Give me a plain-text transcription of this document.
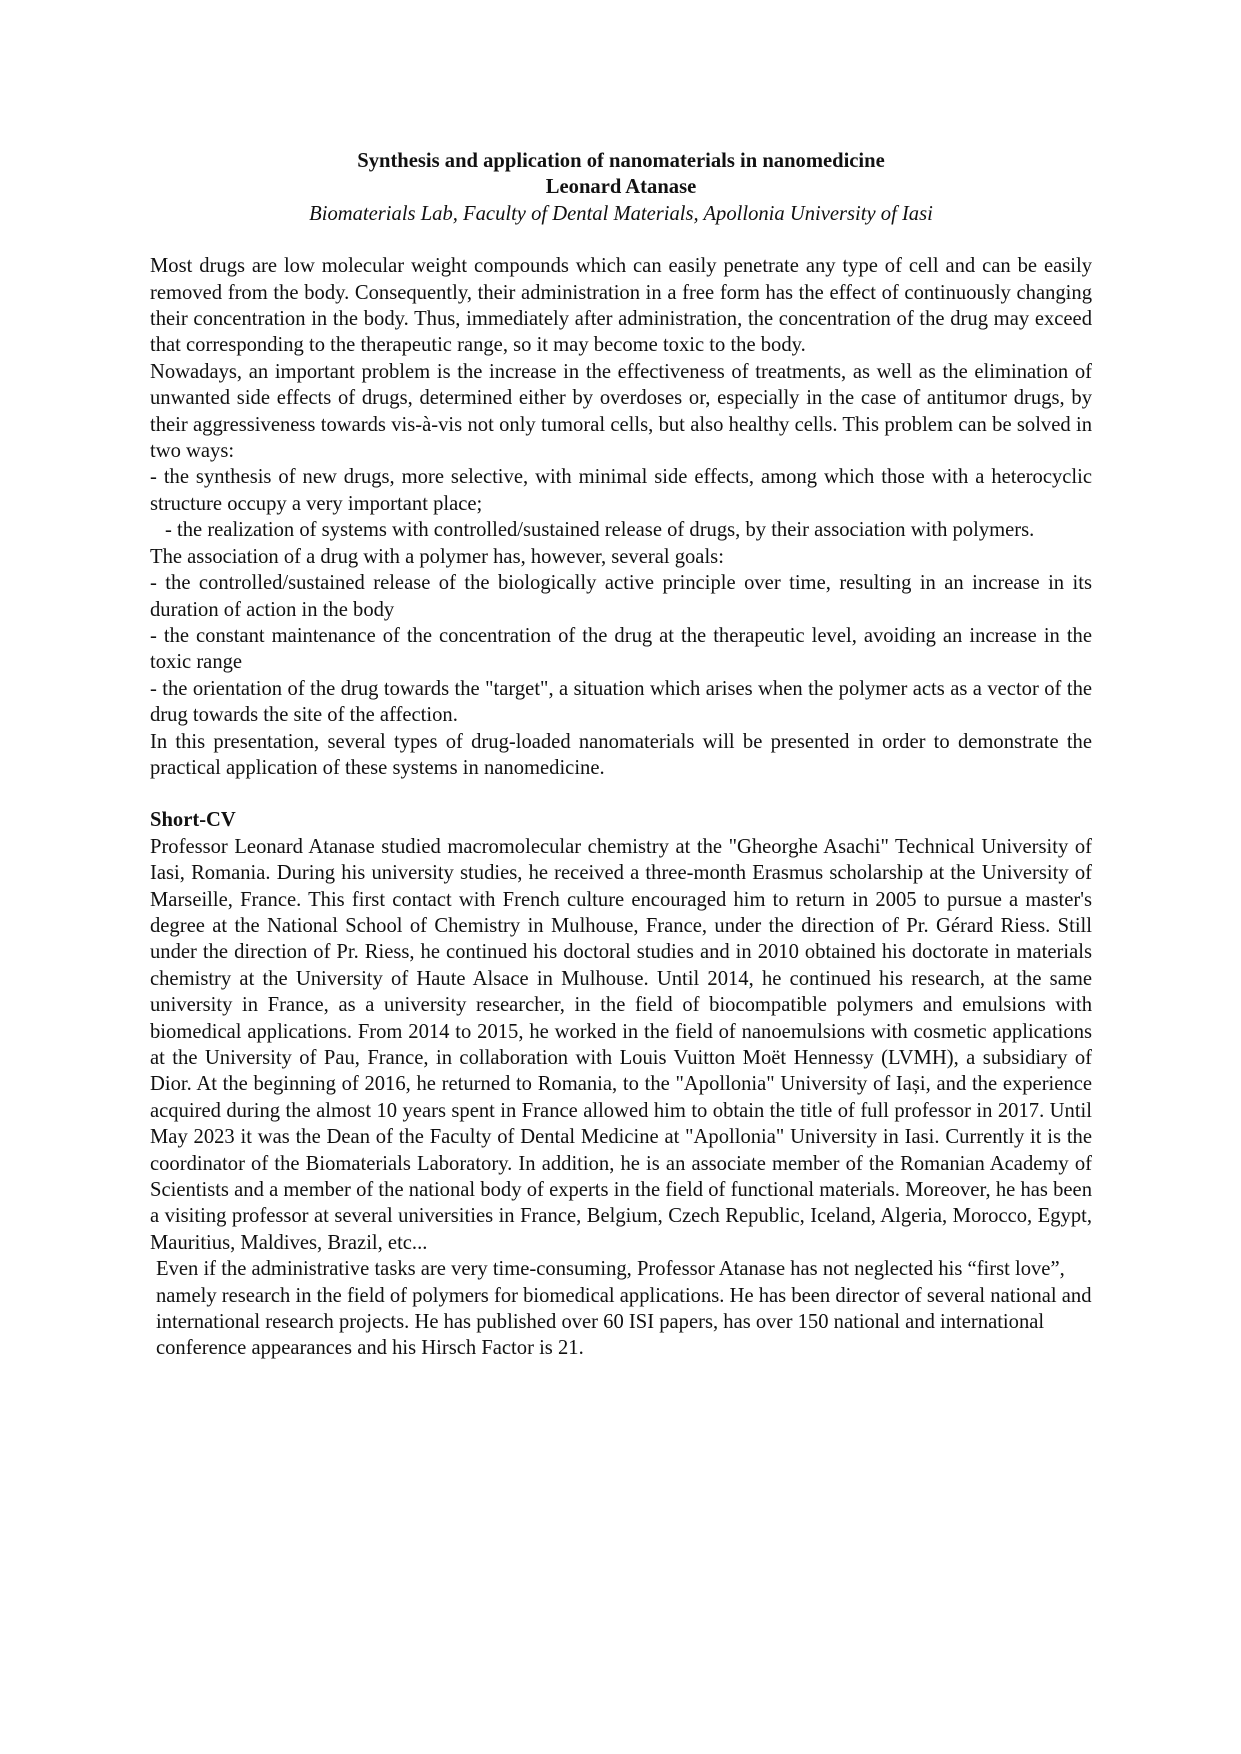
Synthesis and application of nanomaterials in nanomedicine
Leonard Atanase
Biomaterials Lab, Faculty of Dental Materials, Apollonia University of Iasi

Most drugs are low molecular weight compounds which can easily penetrate any type of cell and can be easily removed from the body. Consequently, their administration in a free form has the effect of continuously changing their concentration in the body. Thus, immediately after administration, the concentration of the drug may exceed that corresponding to the therapeutic range, so it may become toxic to the body.

Nowadays, an important problem is the increase in the effectiveness of treatments, as well as the elimination of unwanted side effects of drugs, determined either by overdoses or, especially in the case of antitumor drugs, by their aggressiveness towards vis-à-vis not only tumoral cells, but also healthy cells. This problem can be solved in two ways:

- the synthesis of new drugs, more selective, with minimal side effects, among which those with a heterocyclic structure occupy a very important place;

- the realization of systems with controlled/sustained release of drugs, by their association with polymers.

The association of a drug with a polymer has, however, several goals:

- the controlled/sustained release of the biologically active principle over time, resulting in an increase in its duration of action in the body

- the constant maintenance of the concentration of the drug at the therapeutic level, avoiding an increase in the toxic range

- the orientation of the drug towards the "target", a situation which arises when the polymer acts as a vector of the drug towards the site of the affection.

In this presentation, several types of drug-loaded nanomaterials will be presented in order to demonstrate the practical application of these systems in nanomedicine.

Short-CV

Professor Leonard Atanase studied macromolecular chemistry at the "Gheorghe Asachi" Technical University of Iasi, Romania. During his university studies, he received a three-month Erasmus scholarship at the University of Marseille, France. This first contact with French culture encouraged him to return in 2005 to pursue a master's degree at the National School of Chemistry in Mulhouse, France, under the direction of Pr. Gérard Riess. Still under the direction of Pr. Riess, he continued his doctoral studies and in 2010 obtained his doctorate in materials chemistry at the University of Haute Alsace in Mulhouse. Until 2014, he continued his research, at the same university in France, as a university researcher, in the field of biocompatible polymers and emulsions with biomedical applications. From 2014 to 2015, he worked in the field of nanoemulsions with cosmetic applications at the University of Pau, France, in collaboration with Louis Vuitton Moët Hennessy (LVMH), a subsidiary of Dior. At the beginning of 2016, he returned to Romania, to the "Apollonia" University of Iași, and the experience acquired during the almost 10 years spent in France allowed him to obtain the title of full professor in 2017. Until May 2023 it was the Dean of the Faculty of Dental Medicine at "Apollonia" University in Iasi. Currently it is the coordinator of the Biomaterials Laboratory. In addition, he is an associate member of the Romanian Academy of Scientists and a member of the national body of experts in the field of functional materials. Moreover, he has been a visiting professor at several universities in France, Belgium, Czech Republic, Iceland, Algeria, Morocco, Egypt, Mauritius, Maldives, Brazil, etc...

Even if the administrative tasks are very time-consuming, Professor Atanase has not neglected his “first love”, namely research in the field of polymers for biomedical applications. He has been director of several national and international research projects. He has published over 60 ISI papers, has over 150 national and international conference appearances and his Hirsch Factor is 21.
